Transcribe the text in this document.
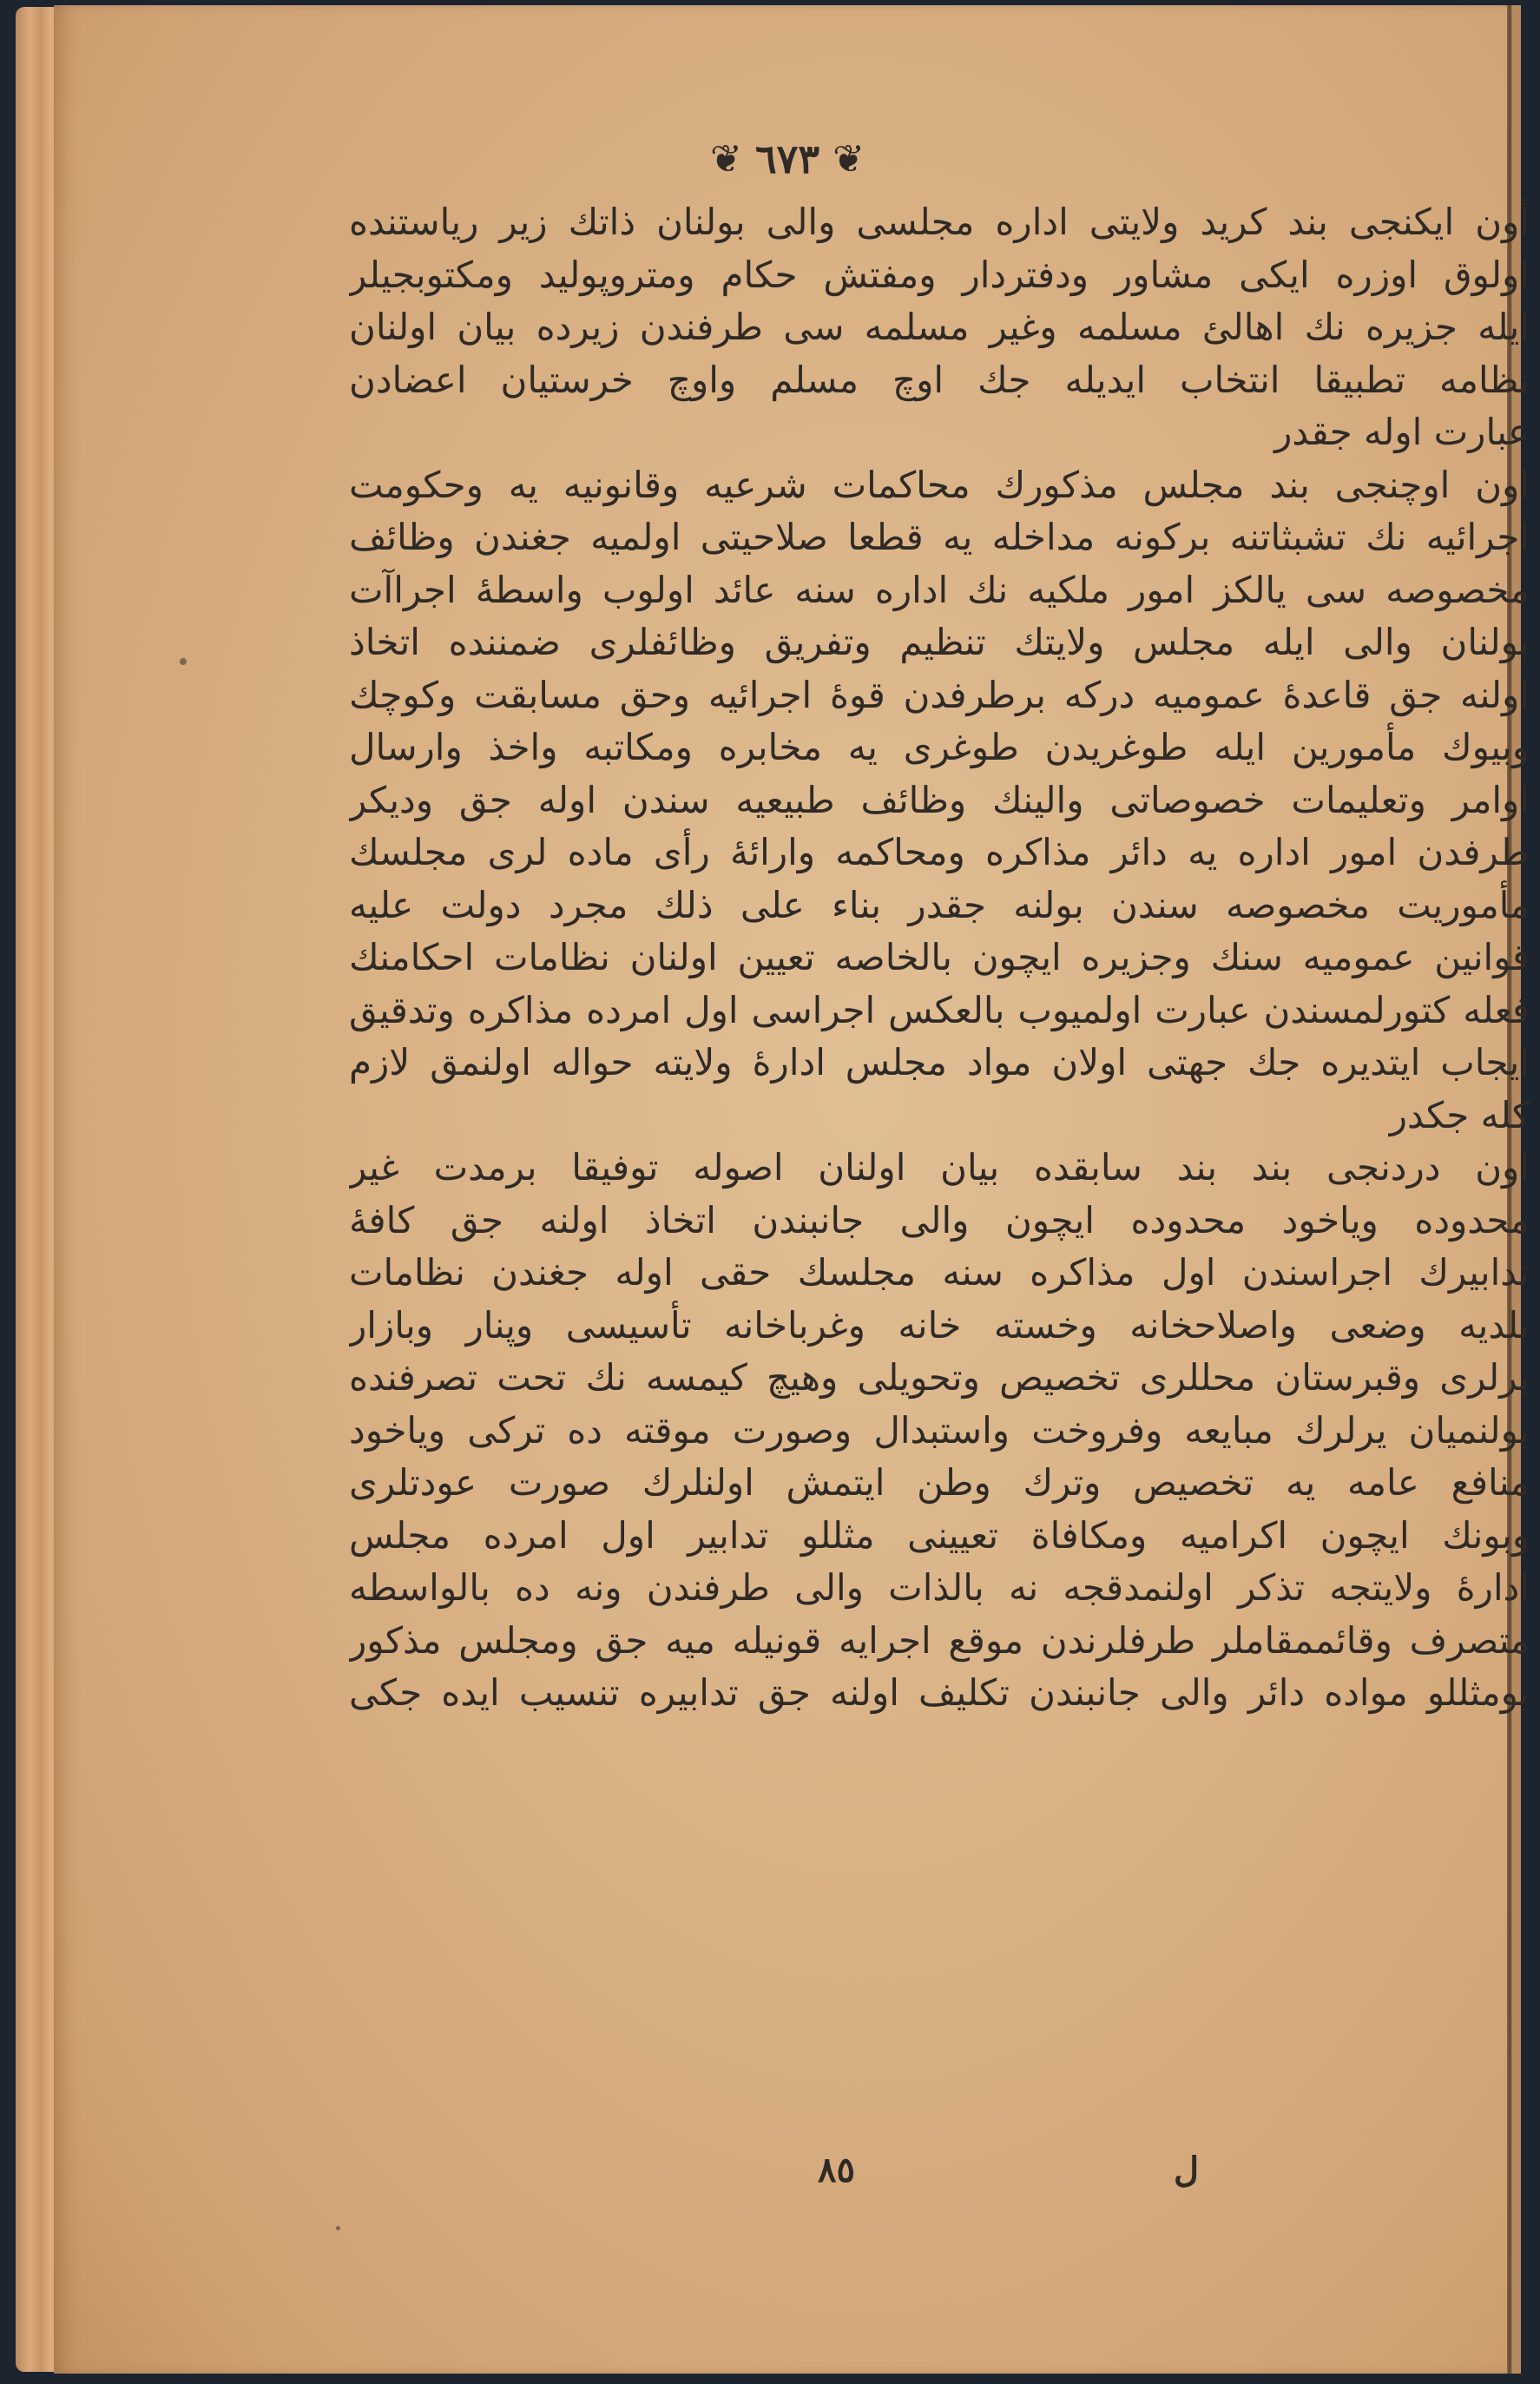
❦ ٦٧٣ ❦
أون ايكنجی بند كريد ولايتی اداره مجلسی والی بولنان ذاتك زير رياستنده
اولوق اوزره ايكی مشاور ودفتردار ومفتش حكام ومتروپوليد ومكتوبجيلر
ايله جزيره نك اهالئ مسلمه وغير مسلمه سی طرفندن زيرده بيان اولنان
نظامه تطبيقا انتخاب ايديله جك اوچ مسلم واوچ خرستيان اعضادن
عبارت اوله جقدر
اون اوچنجی بند مجلس مذكورك محاكمات شرعيه وقانونيه يه وحكومت
اجرائيه نك تشبثاتنه بركونه مداخله يه قطعا صلاحيتی اولميه جغندن وظائف
مخصوصه سی يالكز امور ملكيه نك اداره سنه عائد اولوب واسطهٔ اجراآت
بولنان والی ايله مجلس ولايتك تنظيم وتفريق وظائفلری ضمننده اتخاذ
اولنه جق قاعدهٔ عموميه دركه برطرفدن قوهٔ اجرائيه وحق مسابقت وكوچك
وبيوك مأمورين ايله طوغريدن طوغری يه مخابره ومكاتبه واخذ وارسال
اوامر وتعليمات خصوصاتی والينك وظائف طبيعيه سندن اوله جق وديكر
طرفدن امور اداره يه دائر مذاكره ومحاكمه وارائهٔ رأی ماده لری مجلسك
مأموريت مخصوصه سندن بولنه جقدر بناء علی ذلك مجرد دولت عليه
قوانين عموميه سنك وجزيره ايچون بالخاصه تعيين اولنان نظامات احكامنك
فعله كتورلمسندن عبارت اولميوب بالعكس اجراسی اول امرده مذاكره وتدقيق
ايجاب ايتديره جك جهتی اولان مواد مجلس ادارهٔ ولايته حواله اولنمق لازم
كله جكدر
اون دردنجی بند بند سابقده بيان اولنان اصوله توفيقا برمدت غير
محدوده وياخود محدوده ايچون والی جانبندن اتخاذ اولنه جق كافهٔ
تدابيرك اجراسندن اول مذاكره سنه مجلسك حقی اوله جغندن نظامات
بلديه وضعی واصلاحخانه وخسته خانه وغرباخانه تأسيسی وپنار وبازار
يرلری وقبرستان محللری تخصيص وتحويلی وهيچ كيمسه نك تحت تصرفنده
بولنميان يرلرك مبايعه وفروخت واستبدال وصورت موقته ده تركی وياخود
منافع عامه يه تخصيص وترك وطن ايتمش اولنلرك صورت عودتلری
وبونك ايچون اكراميه ومكافاة تعيينی مثللو تدابير اول امرده مجلس
ادارهٔ ولايتجه تذكر اولنمدقجه نه بالذات والی طرفندن ونه ده بالواسطه
متصرف وقائممقاملر طرفلرندن موقع اجرايه قونيله ميه جق ومجلس مذكور
بومثللو مواده دائر والی جانبندن تكليف اولنه جق تدابيره تنسيب ايده جكی
ل
٨٥
